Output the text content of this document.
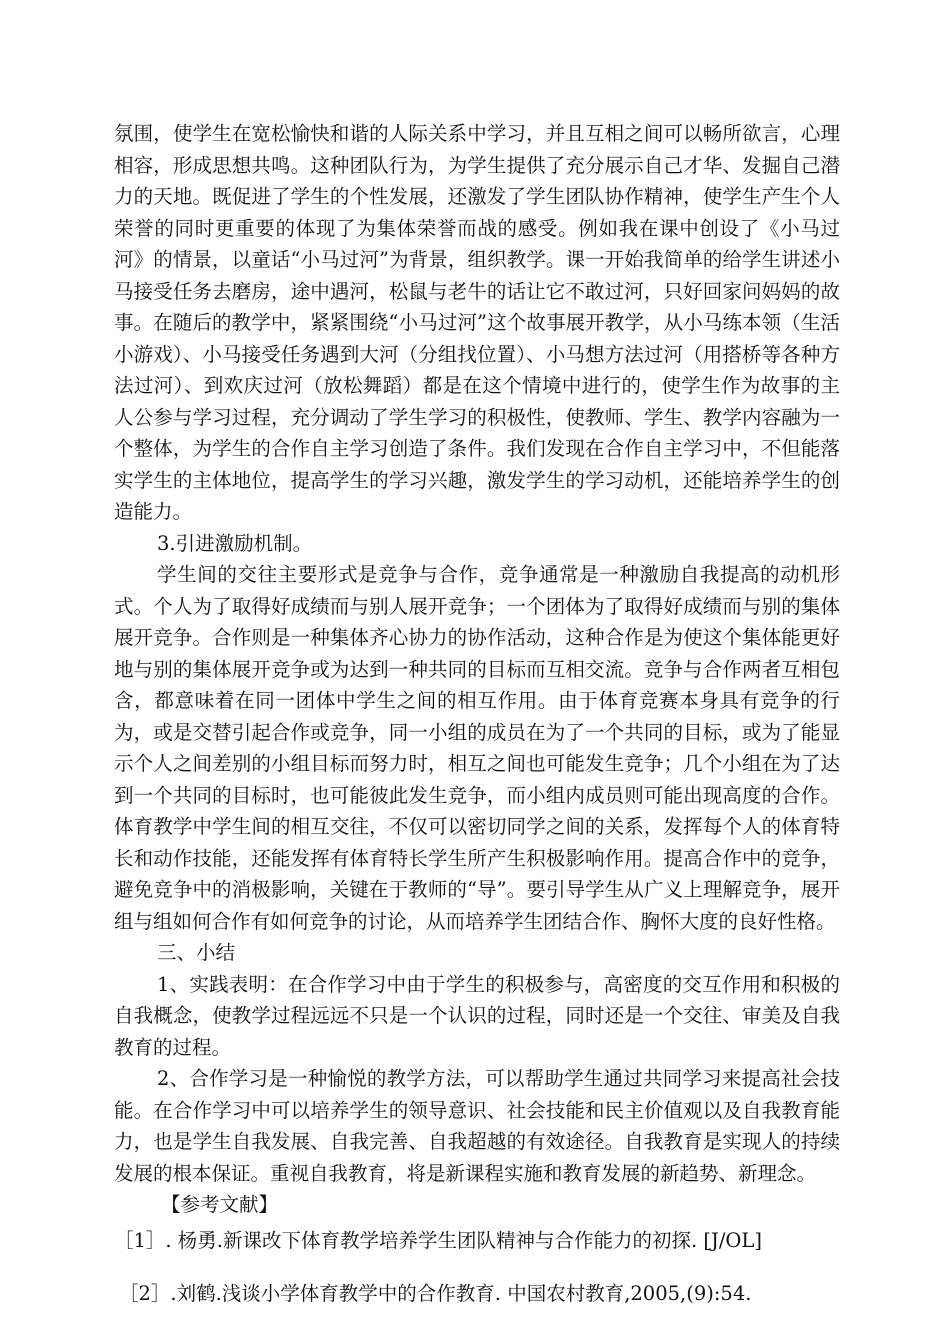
氛围，使学生在宽松愉快和谐的人际关系中学习，并且互相之间可以畅所欲言，心理相容，形成思想共鸣。这种团队行为，为学生提供了充分展示自己才华、发掘自己潜力的天地。既促进了学生的个性发展，还激发了学生团队协作精神，使学生产生个人荣誉的同时更重要的体现了为集体荣誉而战的感受。例如我在课中创设了《小马过河》的情景，以童话“小马过河”为背景，组织教学。课一开始我简单的给学生讲述小马接受任务去磨房，途中遇河，松鼠与老牛的话让它不敢过河，只好回家问妈妈的故事。在随后的教学中，紧紧围绕“小马过河”这个故事展开教学，从小马练本领（生活小游戏）、小马接受任务遇到大河（分组找位置）、小马想方法过河（用搭桥等各种方法过河）、到欢庆过河（放松舞蹈）都是在这个情境中进行的，使学生作为故事的主人公参与学习过程，充分调动了学生学习的积极性，使教师、学生、教学内容融为一个整体，为学生的合作自主学习创造了条件。我们发现在合作自主学习中，不但能落实学生的主体地位，提高学生的学习兴趣，激发学生的学习动机，还能培养学生的创造能力。

3.引进激励机制。

学生间的交往主要形式是竞争与合作，竞争通常是一种激励自我提高的动机形式。个人为了取得好成绩而与别人展开竞争；一个团体为了取得好成绩而与别的集体展开竞争。合作则是一种集体齐心协力的协作活动，这种合作是为使这个集体能更好地与别的集体展开竞争或为达到一种共同的目标而互相交流。竞争与合作两者互相包含，都意味着在同一团体中学生之间的相互作用。由于体育竞赛本身具有竞争的行为，或是交替引起合作或竞争，同一小组的成员在为了一个共同的目标，或为了能显示个人之间差别的小组目标而努力时，相互之间也可能发生竞争；几个小组在为了达到一个共同的目标时，也可能彼此发生竞争，而小组内成员则可能出现高度的合作。体育教学中学生间的相互交往，不仅可以密切同学之间的关系，发挥每个人的体育特长和动作技能，还能发挥有体育特长学生所产生积极影响作用。提高合作中的竞争，避免竞争中的消极影响，关键在于教师的“导”。要引导学生从广义上理解竞争，展开组与组如何合作有如何竞争的讨论，从而培养学生团结合作、胸怀大度的良好性格。

三、小结

1、实践表明：在合作学习中由于学生的积极参与，高密度的交互作用和积极的自我概念，使教学过程远远不只是一个认识的过程，同时还是一个交往、审美及自我教育的过程。

2、合作学习是一种愉悦的教学方法，可以帮助学生通过共同学习来提高社会技能。在合作学习中可以培养学生的领导意识、社会技能和民主价值观以及自我教育能力，也是学生自我发展、自我完善、自我超越的有效途径。自我教育是实现人的持续发展的根本保证。重视自我教育，将是新课程实施和教育发展的新趋势、新理念。

【参考文献】

［1］. 杨勇.新课改下体育教学培养学生团队精神与合作能力的初探. [J/OL]

［2］.刘鹤.浅谈小学体育教学中的合作教育. 中国农村教育,2005,(9):54.
